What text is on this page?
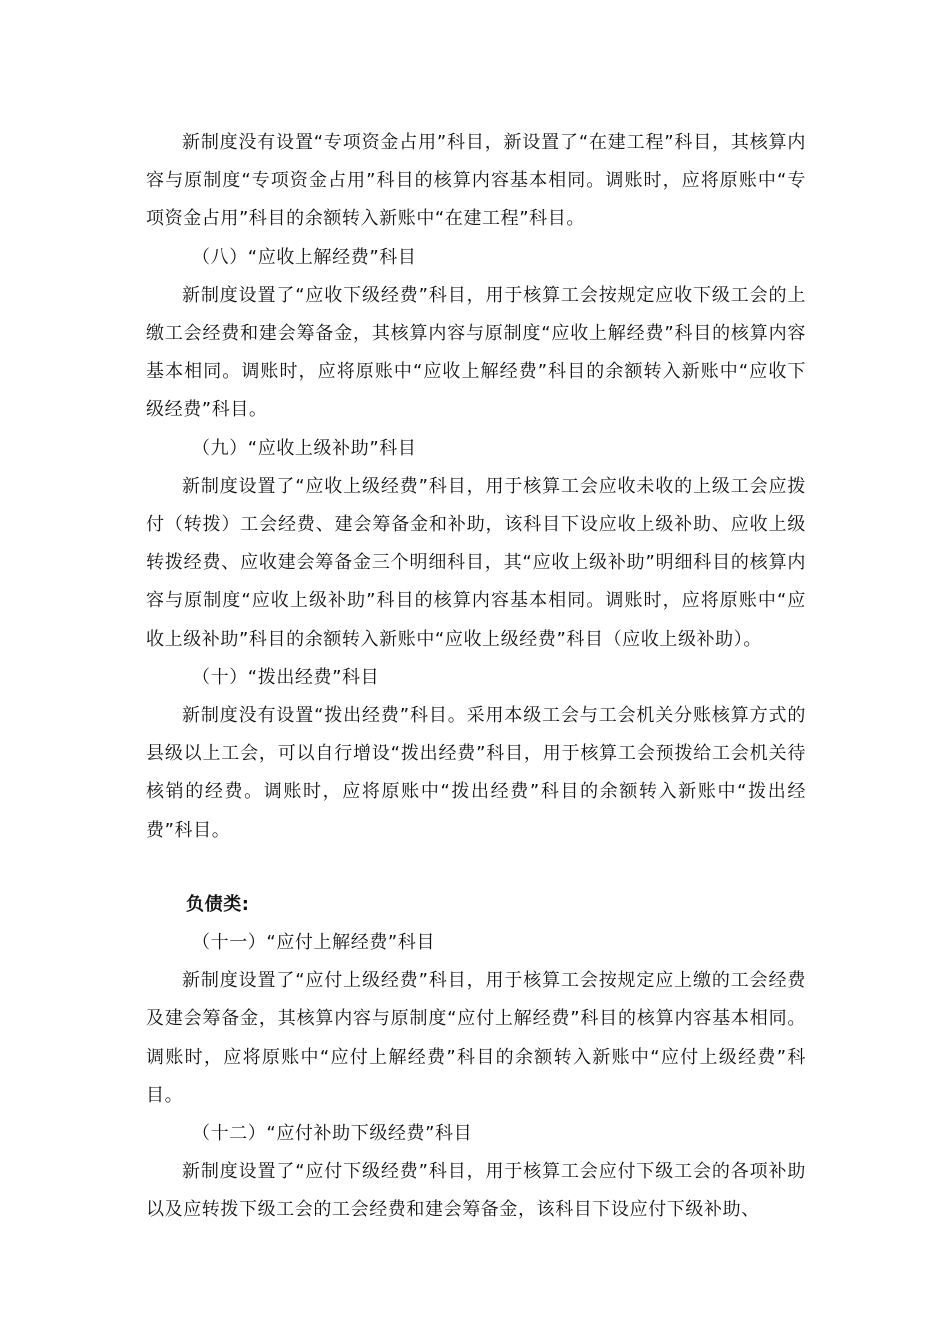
新制度没有设置“专项资金占用”科目，新设置了“在建工程”科目，其核算内容与原制度“专项资金占用”科目的核算内容基本相同。调账时，应将原账中“专项资金占用”科目的余额转入新账中“在建工程”科目。

（八）“应收上解经费”科目

新制度设置了“应收下级经费”科目，用于核算工会按规定应收下级工会的上缴工会经费和建会筹备金，其核算内容与原制度“应收上解经费”科目的核算内容基本相同。调账时，应将原账中“应收上解经费”科目的余额转入新账中“应收下级经费”科目。

（九）“应收上级补助”科目

新制度设置了“应收上级经费”科目，用于核算工会应收未收的上级工会应拨付（转拨）工会经费、建会筹备金和补助，该科目下设应收上级补助、应收上级转拨经费、应收建会筹备金三个明细科目，其“应收上级补助”明细科目的核算内容与原制度“应收上级补助”科目的核算内容基本相同。调账时，应将原账中“应收上级补助”科目的余额转入新账中“应收上级经费”科目（应收上级补助）。

（十）“拨出经费”科目

新制度没有设置“拨出经费”科目。采用本级工会与工会机关分账核算方式的县级以上工会，可以自行增设“拨出经费”科目，用于核算工会预拨给工会机关待核销的经费。调账时，应将原账中“拨出经费”科目的余额转入新账中“拨出经费”科目。

负债类:

（十一）“应付上解经费”科目

新制度设置了“应付上级经费”科目，用于核算工会按规定应上缴的工会经费及建会筹备金，其核算内容与原制度“应付上解经费”科目的核算内容基本相同。调账时，应将原账中“应付上解经费”科目的余额转入新账中“应付上级经费”科目。

（十二）“应付补助下级经费”科目

新制度设置了“应付下级经费”科目，用于核算工会应付下级工会的各项补助以及应转拨下级工会的工会经费和建会筹备金，该科目下设应付下级补助、
